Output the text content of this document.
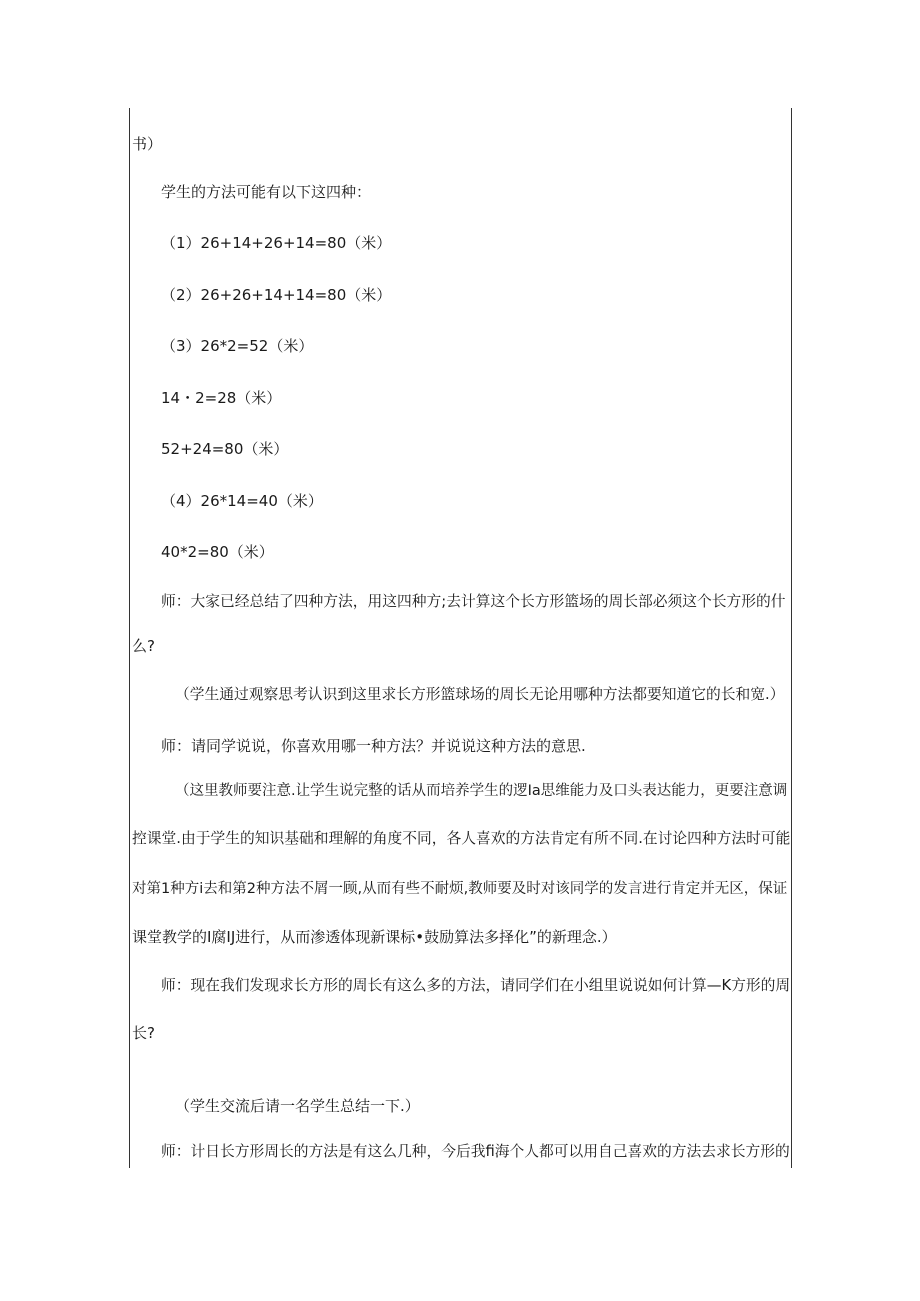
书）
学生的方法可能有以下这四种：
（1）26+14+26+14=80（米）
（2）26+26+14+14=80（米）
（3）26*2=52（米）
14・2=28（米）
52+24=80（米）
（4）26*14=40（米）
40*2=80（米）
师：大家已经总结了四种方法，用这四种方;去计算这个长方形篮场的周长部必须这个长方形的什
么?
（学生通过观察思考认识到这里求长方形篮球场的周长无论用哪种方法都要知道它的长和宽.）
师：请同学说说，你喜欢用哪一种方法？并说说这种方法的意思.
（这里教师要注意.让学生说完整的话从而培养学生的逻Ia思维能力及口头表达能力，更要注意调
控课堂.由于学生的知识基础和理解的角度不同，各人喜欢的方法肯定有所不同.在讨论四种方法时可能
对第1种方i去和第2种方法不屑一顾,从而有些不耐烦,教师要及时对该同学的发言进行肯定并无区，保证
课堂教学的I腐IJ进行，从而渗透体现新课标•鼓励算法多择化”的新理念.）
师：现在我们发现求长方形的周长有这么多的方法，请同学们在小组里说说如何计算—K方形的周
长?
（学生交流后请一名学生总结一下.）
师：计日长方形周长的方法是有这么几种，今后我fi海个人都可以用自己喜欢的方法去求长方形的
